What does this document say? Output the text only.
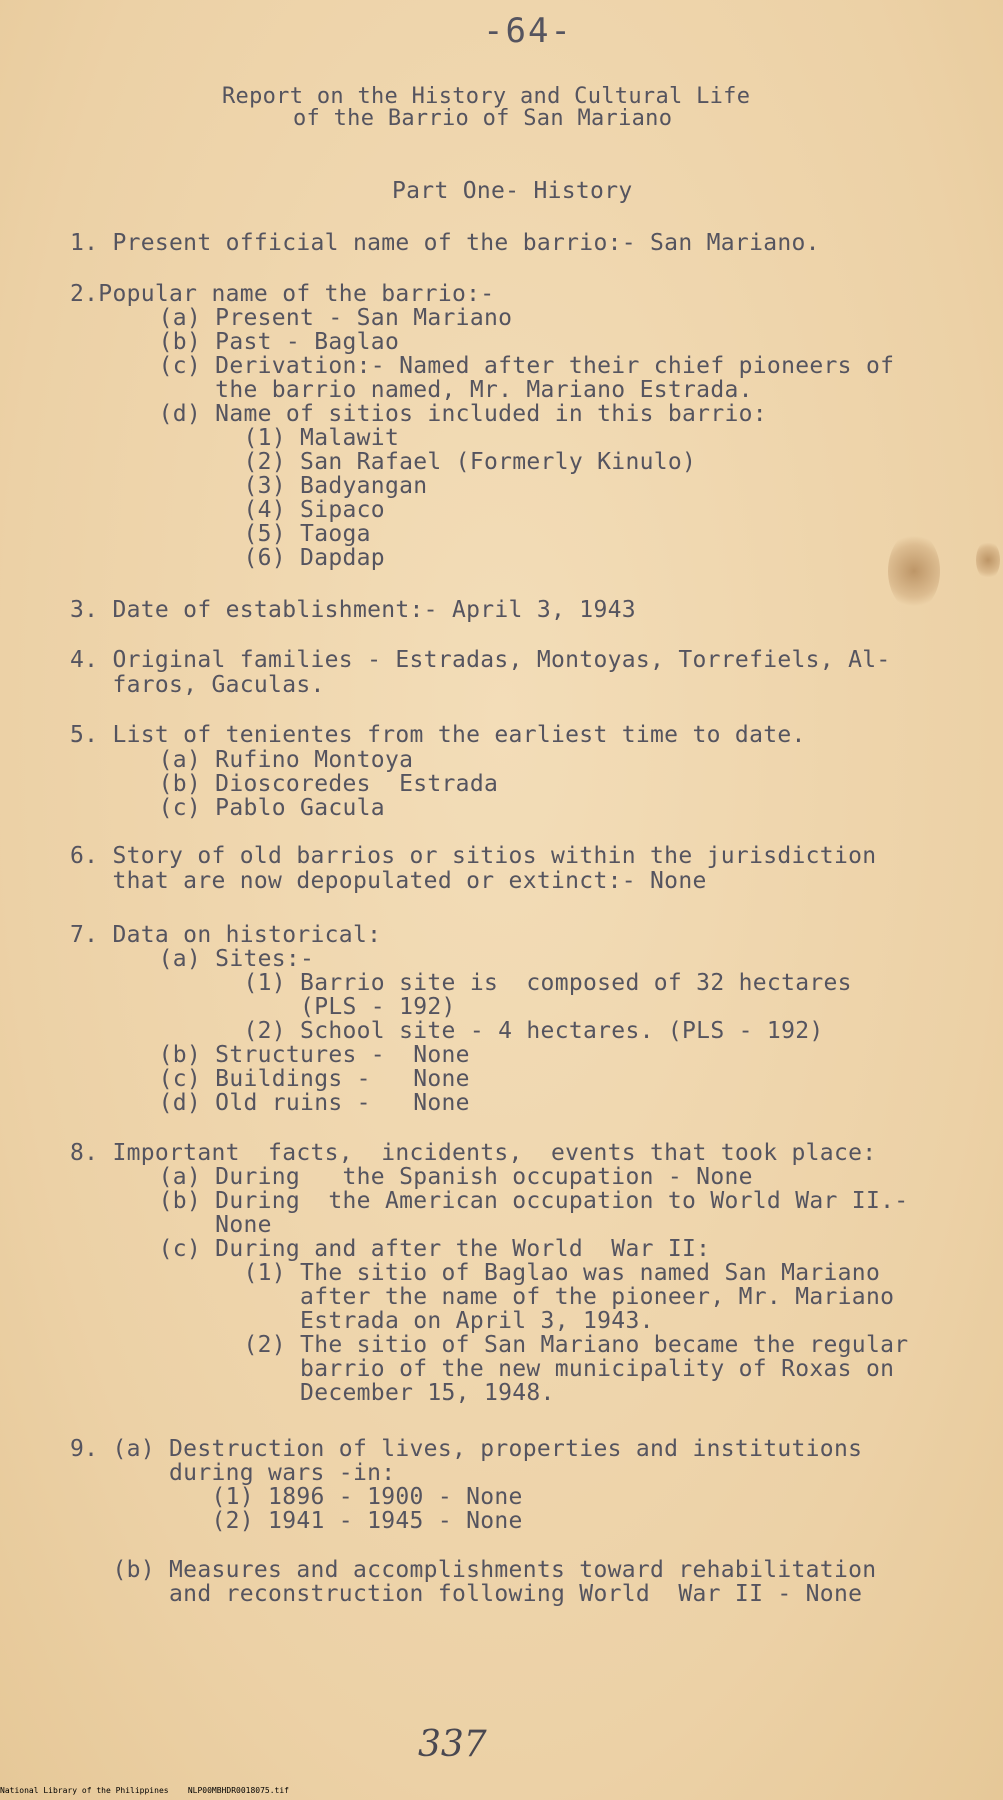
-64-
Report on the History and Cultural Life
of the Barrio of San Mariano
Part One- History
1. Present official name of the barrio:- San Mariano.
2.Popular name of the barrio:-
(a) Present - San Mariano
(b) Past - Baglao
(c) Derivation:- Named after their chief pioneers of
the barrio named, Mr. Mariano Estrada.
(d) Name of sitios included in this barrio:
(1) Malawit
(2) San Rafael (Formerly Kinulo)
(3) Badyangan
(4) Sipaco
(5) Taoga
(6) Dapdap
3. Date of establishment:- April 3, 1943
4. Original families - Estradas, Montoyas, Torrefiels, Al-
faros, Gaculas.
5. List of tenientes from the earliest time to date.
(a) Rufino Montoya
(b) Dioscoredes  Estrada
(c) Pablo Gacula
6. Story of old barrios or sitios within the jurisdiction
that are now depopulated or extinct:- None
7. Data on historical:
(a) Sites:-
(1) Barrio site is  composed of 32 hectares
(PLS - 192)
(2) School site - 4 hectares. (PLS - 192)
(b) Structures -  None
(c) Buildings -   None
(d) Old ruins -   None
8. Important  facts,  incidents,  events that took place:
(a) During   the Spanish occupation - None
(b) During  the American occupation to World War II.-
None
(c) During and after the World  War II:
(1) The sitio of Baglao was named San Mariano
after the name of the pioneer, Mr. Mariano
Estrada on April 3, 1943.
(2) The sitio of San Mariano became the regular
barrio of the new municipality of Roxas on
December 15, 1948.
9. (a) Destruction of lives, properties and institutions
during wars -in:
(1) 1896 - 1900 - None
(2) 1941 - 1945 - None
(b) Measures and accomplishments toward rehabilitation
and reconstruction following World  War II - None
337
National Library of the Philippines    NLP00MBHDR0018075.tif
